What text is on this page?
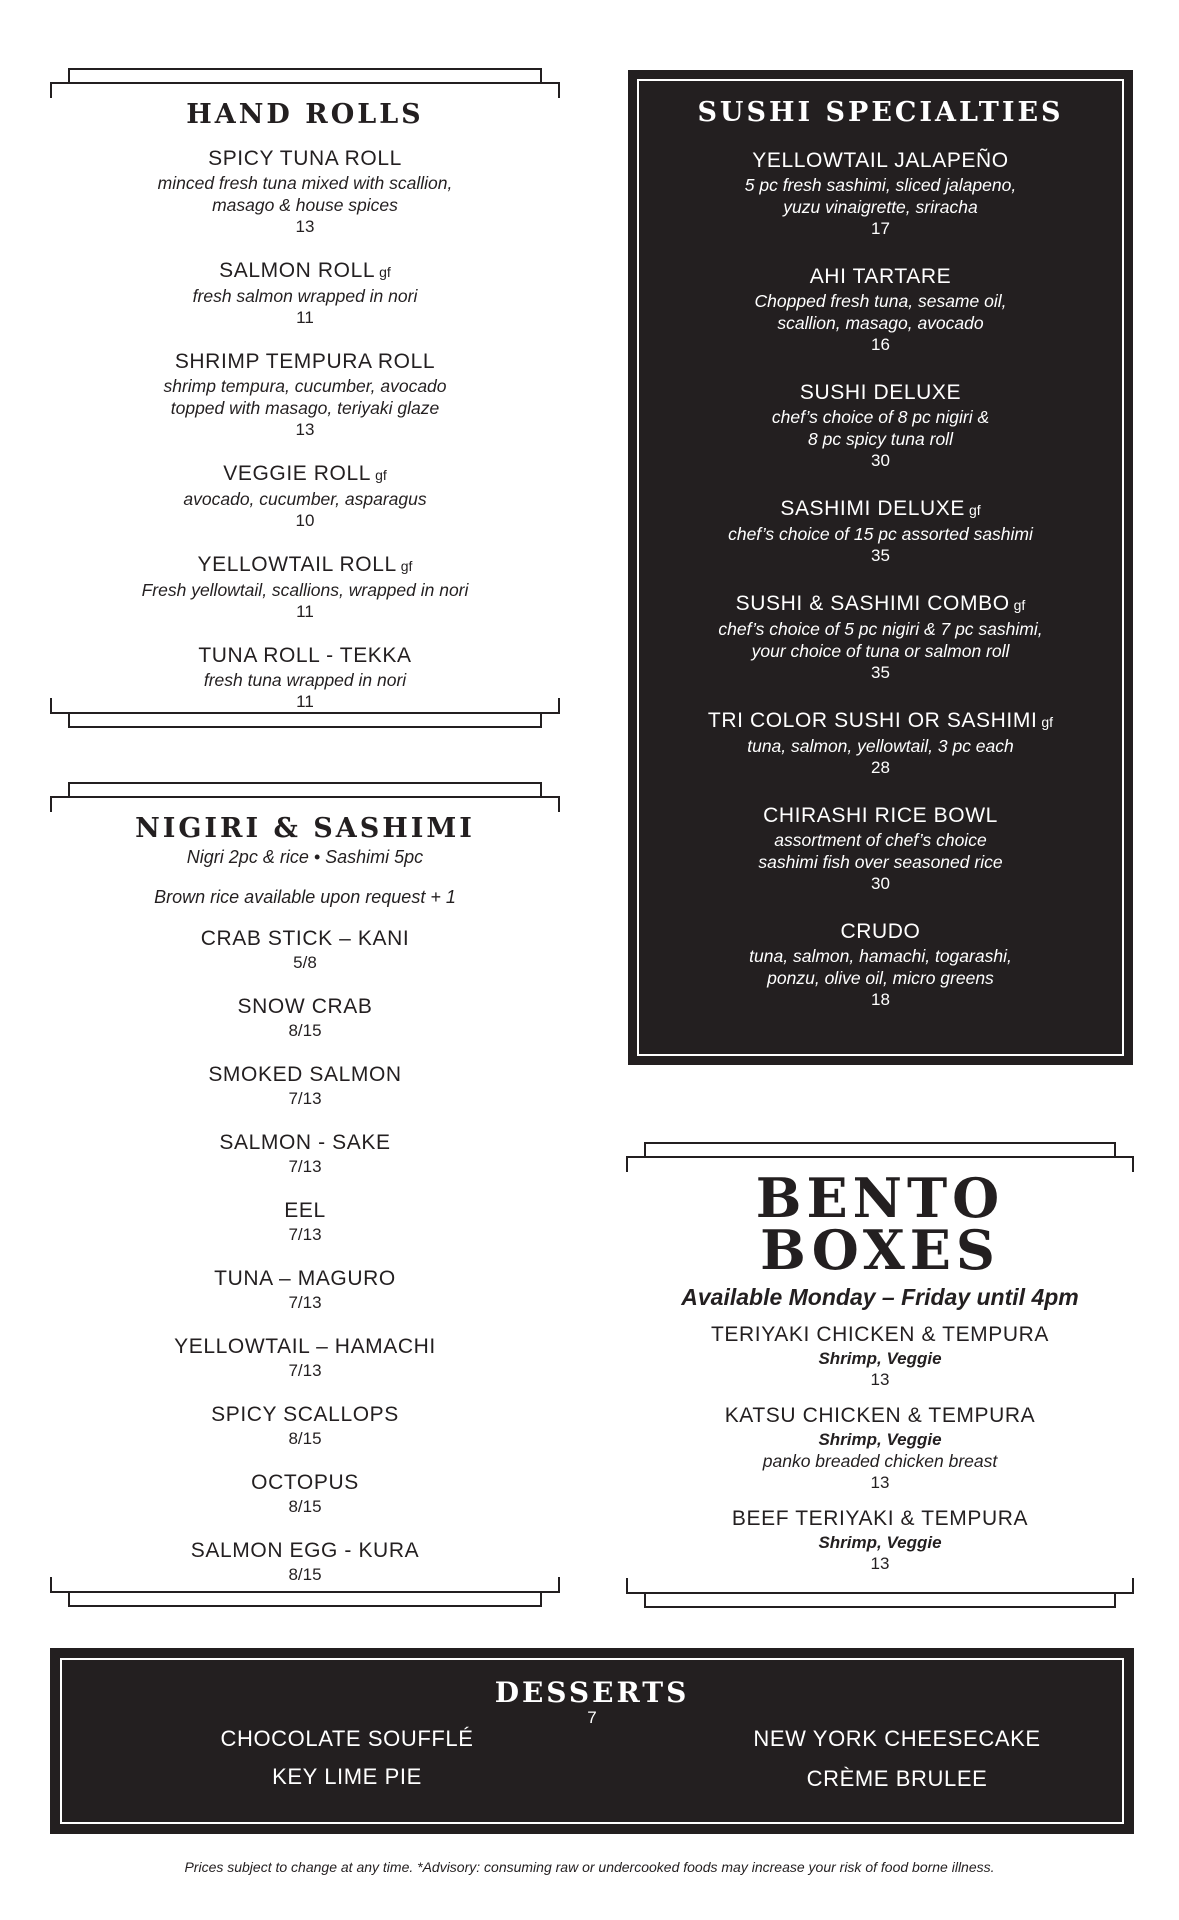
HAND ROLLS
SPICY TUNA ROLL
minced fresh tuna mixed with scallion,
masago & house spices
13
SALMON ROLL gf
fresh salmon wrapped in nori
11
SHRIMP TEMPURA ROLL
shrimp tempura, cucumber, avocado
topped with masago, teriyaki glaze
13
VEGGIE ROLL gf
avocado, cucumber, asparagus
10
YELLOWTAIL ROLL gf
Fresh yellowtail, scallions, wrapped in nori
11
TUNA ROLL - TEKKA
fresh tuna wrapped in nori
11
SUSHI SPECIALTIES
YELLOWTAIL JALAPEÑO
5 pc fresh sashimi, sliced jalapeno,
yuzu vinaigrette, sriracha
17
AHI TARTARE
Chopped fresh tuna, sesame oil,
scallion, masago, avocado
16
SUSHI DELUXE
chef’s choice of 8 pc nigiri &
8 pc spicy tuna roll
30
SASHIMI DELUXE gf
chef’s choice of 15 pc assorted sashimi
35
SUSHI & SASHIMI COMBO gf
chef’s choice of 5 pc nigiri & 7 pc sashimi,
your choice of tuna or salmon roll
35
TRI COLOR SUSHI OR SASHIMI gf
tuna, salmon, yellowtail, 3 pc each
28
CHIRASHI RICE BOWL
assortment of chef’s choice
sashimi fish over seasoned rice
30
CRUDO
tuna, salmon, hamachi, togarashi,
ponzu, olive oil, micro greens
18
NIGIRI & SASHIMI
Nigri 2pc & rice • Sashimi 5pc
Brown rice available upon request + 1
CRAB STICK – KANI
5/8
SNOW CRAB
8/15
SMOKED SALMON
7/13
SALMON - SAKE
7/13
EEL
7/13
TUNA – MAGURO
7/13
YELLOWTAIL – HAMACHI
7/13
SPICY SCALLOPS
8/15
OCTOPUS
8/15
SALMON EGG - KURA
8/15
BENTO
BOXES
Available Monday – Friday until 4pm
TERIYAKI CHICKEN & TEMPURA
Shrimp, Veggie
13
KATSU CHICKEN & TEMPURA
Shrimp, Veggie
panko breaded chicken breast
13
BEEF TERIYAKI & TEMPURA
Shrimp, Veggie
13
DESSERTS
7
CHOCOLATE SOUFFLÉ
KEY LIME PIE
NEW YORK CHEESECAKE
CRÈME BRULEE
Prices subject to change at any time. *Advisory: consuming raw or undercooked foods may increase your risk of food borne illness.
